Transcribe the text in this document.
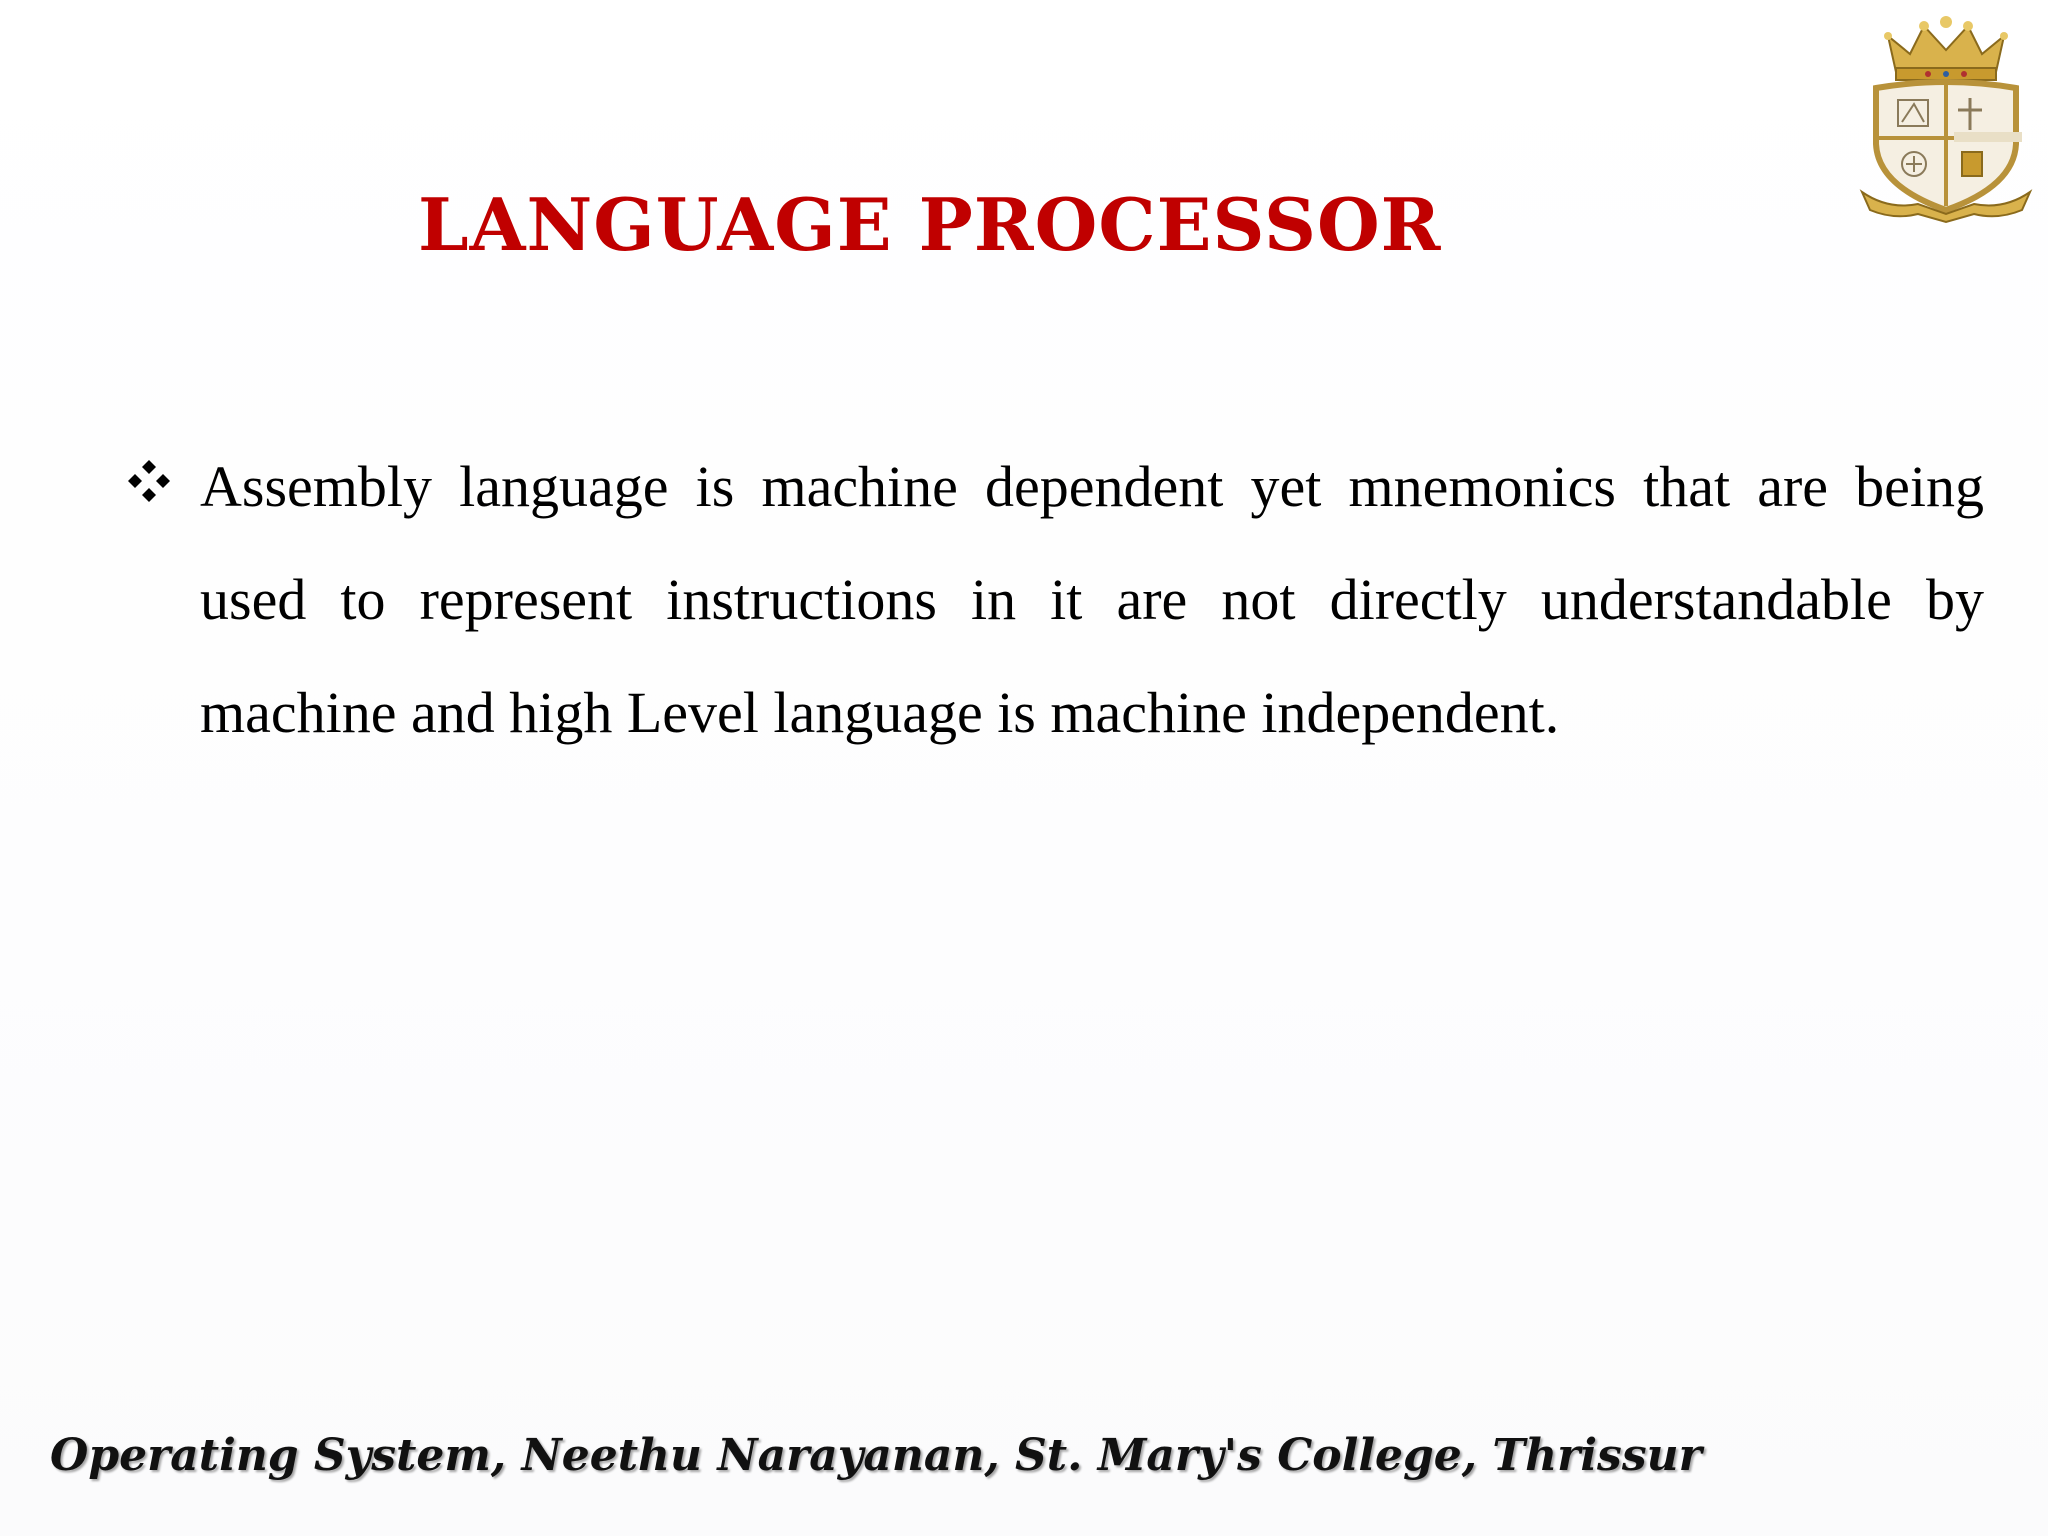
LANGUAGE PROCESSOR

Assembly language is machine dependent yet mnemonics that are being used to represent instructions in it are not directly understandable by machine and high Level language is machine independent.

Operating System, Neethu Narayanan, St. Mary's College, Thrissur
